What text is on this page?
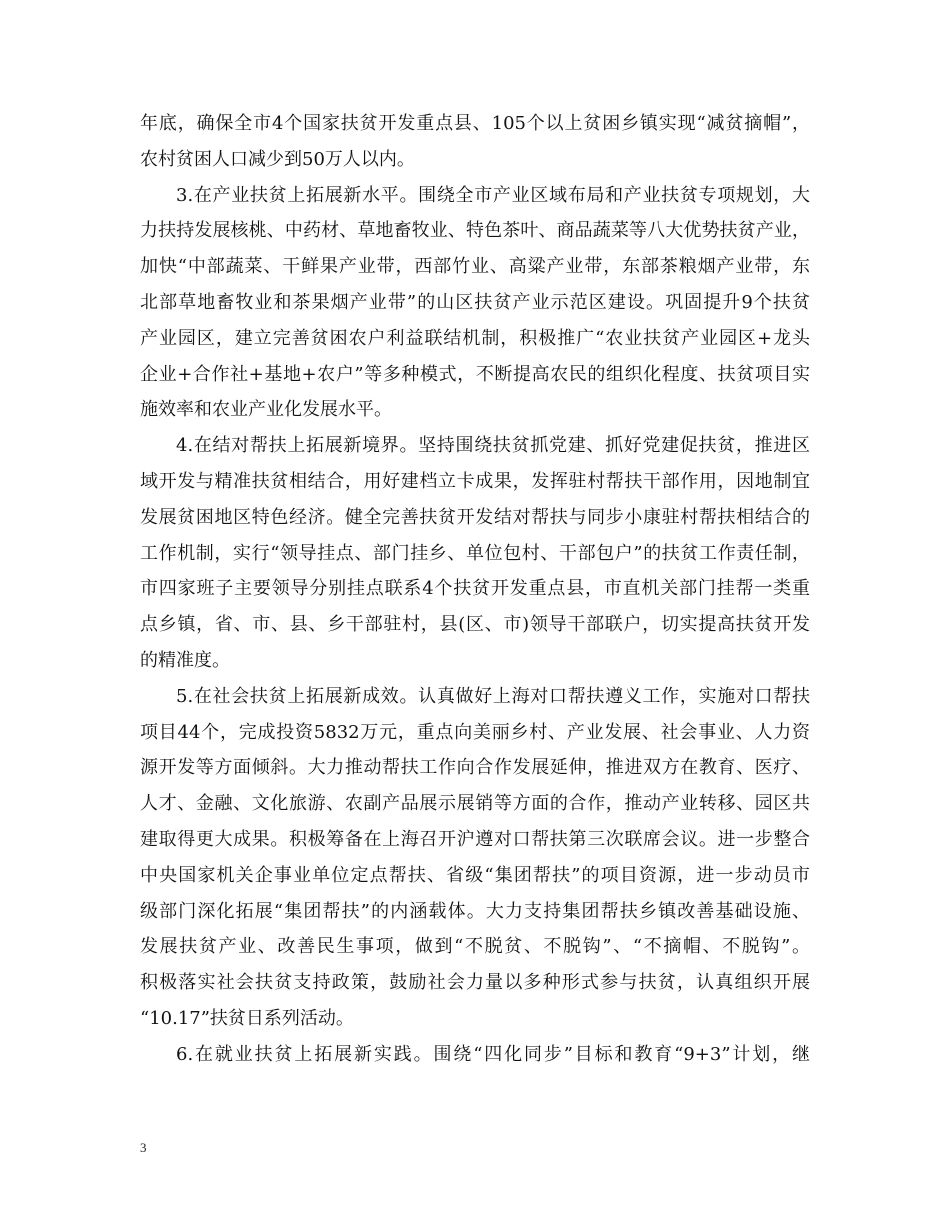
年底，确保全市4个国家扶贫开发重点县、105个以上贫困乡镇实现“减贫摘帽”，
农村贫困人口减少到50万人以内。
3.在产业扶贫上拓展新水平。围绕全市产业区域布局和产业扶贫专项规划，大
力扶持发展核桃、中药材、草地畜牧业、特色茶叶、商品蔬菜等八大优势扶贫产业，
加快“中部蔬菜、干鲜果产业带，西部竹业、高粱产业带，东部茶粮烟产业带，东
北部草地畜牧业和茶果烟产业带”的山区扶贫产业示范区建设。巩固提升9个扶贫
产业园区，建立完善贫困农户利益联结机制，积极推广“农业扶贫产业园区+龙头
企业+合作社+基地+农户”等多种模式，不断提高农民的组织化程度、扶贫项目实
施效率和农业产业化发展水平。
4.在结对帮扶上拓展新境界。坚持围绕扶贫抓党建、抓好党建促扶贫，推进区
域开发与精准扶贫相结合，用好建档立卡成果，发挥驻村帮扶干部作用，因地制宜
发展贫困地区特色经济。健全完善扶贫开发结对帮扶与同步小康驻村帮扶相结合的
工作机制，实行“领导挂点、部门挂乡、单位包村、干部包户”的扶贫工作责任制，
市四家班子主要领导分别挂点联系4个扶贫开发重点县，市直机关部门挂帮一类重
点乡镇，省、市、县、乡干部驻村，县(区、市)领导干部联户，切实提高扶贫开发
的精准度。
5.在社会扶贫上拓展新成效。认真做好上海对口帮扶遵义工作，实施对口帮扶
项目44个，完成投资5832万元，重点向美丽乡村、产业发展、社会事业、人力资
源开发等方面倾斜。大力推动帮扶工作向合作发展延伸，推进双方在教育、医疗、
人才、金融、文化旅游、农副产品展示展销等方面的合作，推动产业转移、园区共
建取得更大成果。积极筹备在上海召开沪遵对口帮扶第三次联席会议。进一步整合
中央国家机关企事业单位定点帮扶、省级“集团帮扶”的项目资源，进一步动员市
级部门深化拓展“集团帮扶”的内涵载体。大力支持集团帮扶乡镇改善基础设施、
发展扶贫产业、改善民生事项，做到“不脱贫、不脱钩”、“不摘帽、不脱钩”。
积极落实社会扶贫支持政策，鼓励社会力量以多种形式参与扶贫，认真组织开展
“10.17”扶贫日系列活动。
6.在就业扶贫上拓展新实践。围绕“四化同步”目标和教育“9+3”计划，继
3
